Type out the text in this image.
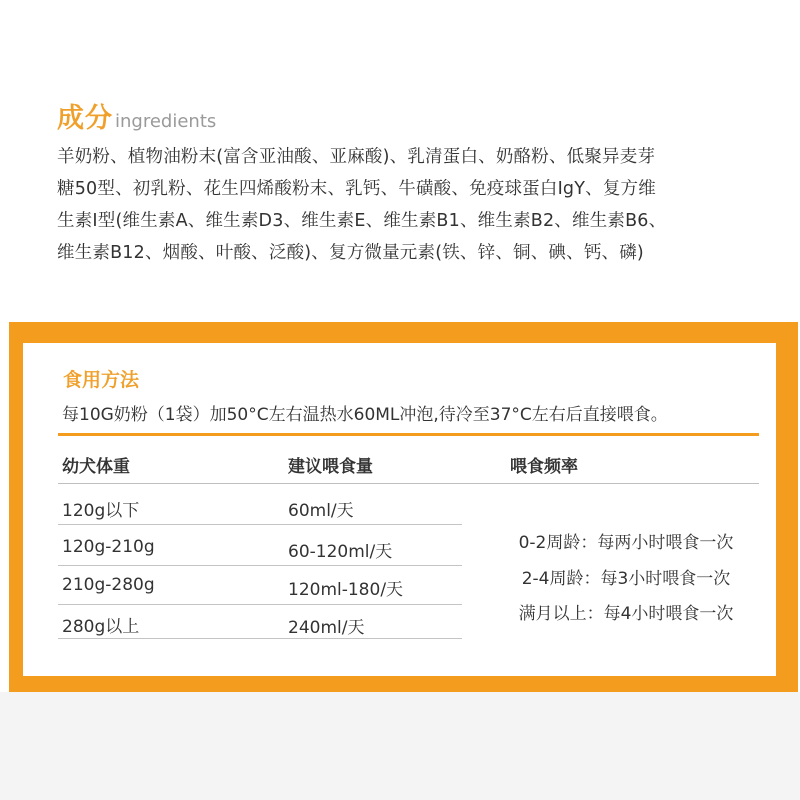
成分 ingredients
羊奶粉、植物油粉末(富含亚油酸、亚麻酸)、乳清蛋白、奶酪粉、低聚异麦芽
糖50型、初乳粉、花生四烯酸粉末、乳钙、牛磺酸、免疫球蛋白IgY、复方维
生素I型(维生素A、维生素D3、维生素E、维生素B1、维生素B2、维生素B6、
维生素B12、烟酸、叶酸、泛酸)、复方微量元素(铁、锌、铜、碘、钙、磷)
食用方法
每10G奶粉（1袋）加50°C左右温热水60ML冲泡,待冷至37°C左右后直接喂食。
幼犬体重	建议喂食量	喂食频率
120g以下	60ml/天
120g-210g	60-120ml/天
210g-280g	120ml-180/天
280g以上	240ml/天
0-2周龄：每两小时喂食一次
2-4周龄：每3小时喂食一次
满月以上：每4小时喂食一次
